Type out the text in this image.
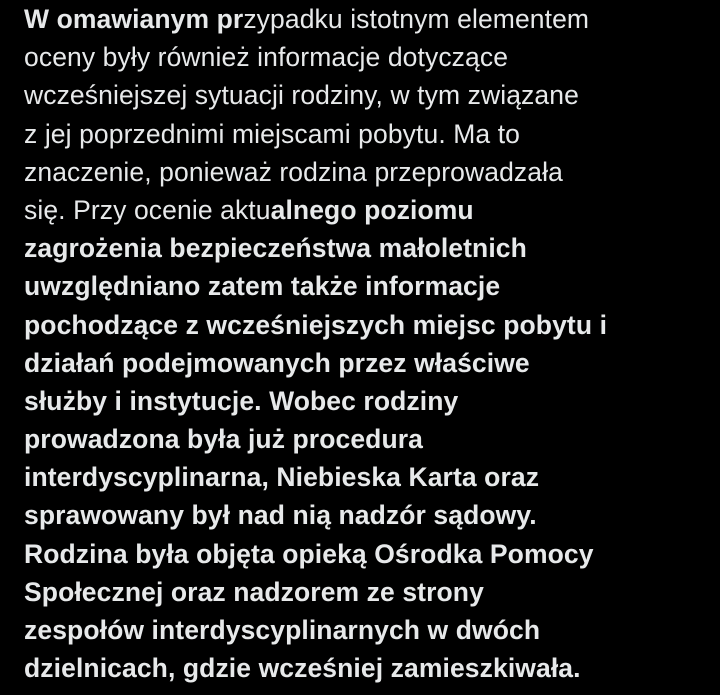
W omawianym przypadku istotnym elementem
oceny były również informacje dotyczące
wcześniejszej sytuacji rodziny, w tym związane
z jej poprzednimi miejscami pobytu. Ma to
znaczenie, ponieważ rodzina przeprowadzała
się. Przy ocenie aktualnego poziomu
zagrożenia bezpieczeństwa małoletnich
uwzględniano zatem także informacje
pochodzące z wcześniejszych miejsc pobytu i
działań podejmowanych przez właściwe
służby i instytucje. Wobec rodziny
prowadzona była już procedura
interdyscyplinarna, Niebieska Karta oraz
sprawowany był nad nią nadzór sądowy.
Rodzina była objęta opieką Ośrodka Pomocy
Społecznej oraz nadzorem ze strony
zespołów interdyscyplinarnych w dwóch
dzielnicach, gdzie wcześniej zamieszkiwała.
